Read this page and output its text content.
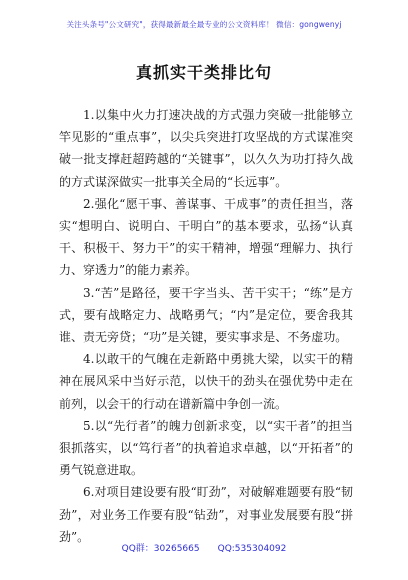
关注头条号"公文研究"，获得最新最全最专业的公文资料库！ 微信：gongwenyj
真抓实干类排比句

1.以集中火力打速决战的方式强力突破一批能够立竿见影的“重点事”，以尖兵突进打攻坚战的方式谋准突破一批支撑赶超跨越的“关键事”，以久久为功打持久战的方式谋深做实一批事关全局的“长远事”。

2.强化“愿干事、善谋事、干成事”的责任担当，落实“想明白、说明白、干明白”的基本要求，弘扬“认真干、积极干、努力干”的实干精神，增强“理解力、执行力、穿透力”的能力素养。

3.“苦”是路径，要干字当头、苦干实干；“练”是方式，要有战略定力、战略勇气；“内”是定位，要舍我其谁、责无旁贷；“功”是关键，要实事求是、不务虚功。

4.以敢干的气魄在走新路中勇挑大梁，以实干的精神在展风采中当好示范，以快干的劲头在强优势中走在前列，以会干的行动在谱新篇中争创一流。

5.以“先行者”的魄力创新求变，以“实干者”的担当狠抓落实，以“笃行者”的执着追求卓越，以“开拓者”的勇气锐意进取。

6.对项目建设要有股“盯劲”，对破解难题要有股“韧劲”，对业务工作要有股“钻劲”，对事业发展要有股“拼劲”。

QQ群：30265665 QQ:535304092
